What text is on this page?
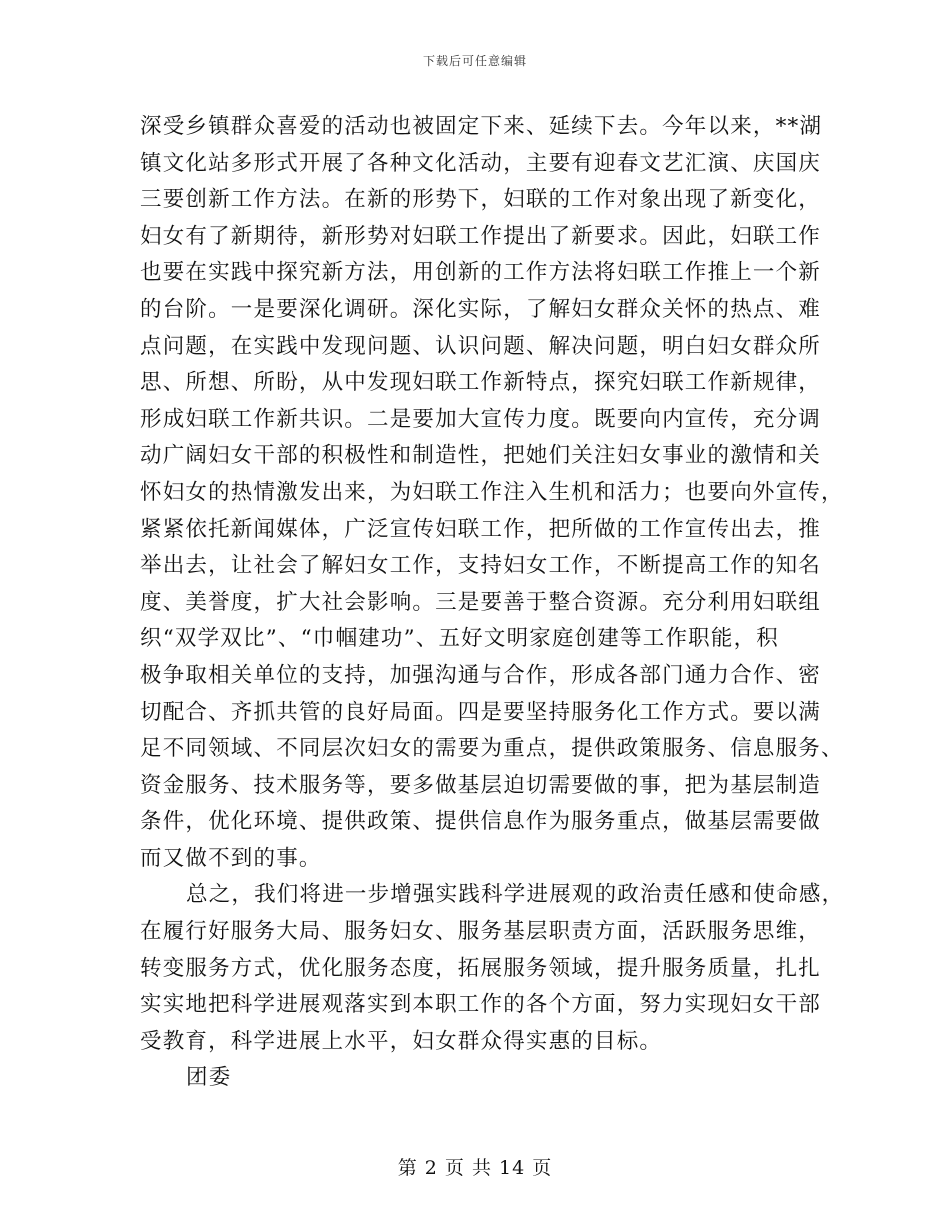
下载后可任意编辑
深受乡镇群众喜爱的活动也被固定下来、延续下去。今年以来，**湖
镇文化站多形式开展了各种文化活动，主要有迎春文艺汇演、庆国庆
三要创新工作方法。在新的形势下，妇联的工作对象出现了新变化，
妇女有了新期待，新形势对妇联工作提出了新要求。因此，妇联工作
也要在实践中探究新方法，用创新的工作方法将妇联工作推上一个新
的台阶。一是要深化调研。深化实际，了解妇女群众关怀的热点、难
点问题，在实践中发现问题、认识问题、解决问题，明白妇女群众所
思、所想、所盼，从中发现妇联工作新特点，探究妇联工作新规律，
形成妇联工作新共识。二是要加大宣传力度。既要向内宣传，充分调
动广阔妇女干部的积极性和制造性，把她们关注妇女事业的激情和关
怀妇女的热情激发出来，为妇联工作注入生机和活力；也要向外宣传，
紧紧依托新闻媒体，广泛宣传妇联工作，把所做的工作宣传出去，推
举出去，让社会了解妇女工作，支持妇女工作，不断提高工作的知名
度、美誉度，扩大社会影响。三是要善于整合资源。充分利用妇联组
织“双学双比”、“巾帼建功”、五好文明家庭创建等工作职能，积
极争取相关单位的支持，加强沟通与合作，形成各部门通力合作、密
切配合、齐抓共管的良好局面。四是要坚持服务化工作方式。要以满
足不同领域、不同层次妇女的需要为重点，提供政策服务、信息服务、
资金服务、技术服务等，要多做基层迫切需要做的事，把为基层制造
条件，优化环境、提供政策、提供信息作为服务重点，做基层需要做
而又做不到的事。
总之，我们将进一步增强实践科学进展观的政治责任感和使命感，
在履行好服务大局、服务妇女、服务基层职责方面，活跃服务思维，
转变服务方式，优化服务态度，拓展服务领域，提升服务质量，扎扎
实实地把科学进展观落实到本职工作的各个方面，努力实现妇女干部
受教育，科学进展上水平，妇女群众得实惠的目标。
团委
第 2 页 共 14 页
